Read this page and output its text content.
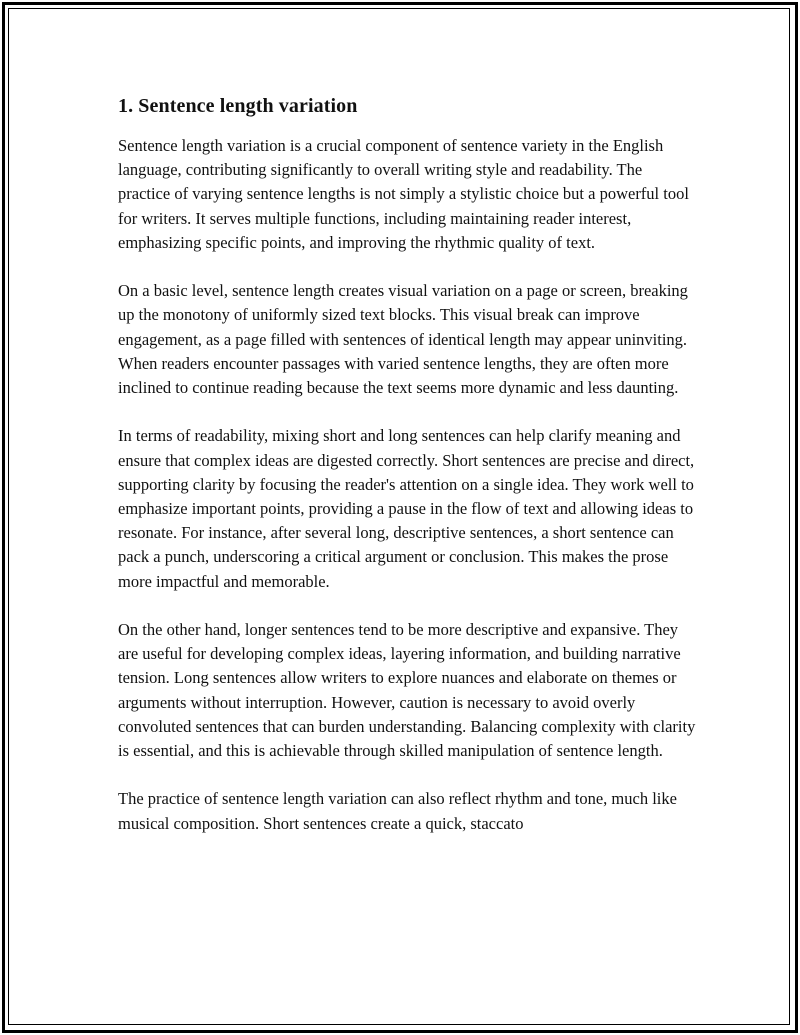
1. Sentence length variation

Sentence length variation is a crucial component of sentence variety in the English language, contributing significantly to overall writing style and readability. The practice of varying sentence lengths is not simply a stylistic choice but a powerful tool for writers. It serves multiple functions, including maintaining reader interest, emphasizing specific points, and improving the rhythmic quality of text.

On a basic level, sentence length creates visual variation on a page or screen, breaking up the monotony of uniformly sized text blocks. This visual break can improve engagement, as a page filled with sentences of identical length may appear uninviting. When readers encounter passages with varied sentence lengths, they are often more inclined to continue reading because the text seems more dynamic and less daunting.

In terms of readability, mixing short and long sentences can help clarify meaning and ensure that complex ideas are digested correctly. Short sentences are precise and direct, supporting clarity by focusing the reader's attention on a single idea. They work well to emphasize important points, providing a pause in the flow of text and allowing ideas to resonate. For instance, after several long, descriptive sentences, a short sentence can pack a punch, underscoring a critical argument or conclusion. This makes the prose more impactful and memorable.

On the other hand, longer sentences tend to be more descriptive and expansive. They are useful for developing complex ideas, layering information, and building narrative tension. Long sentences allow writers to explore nuances and elaborate on themes or arguments without interruption. However, caution is necessary to avoid overly convoluted sentences that can burden understanding. Balancing complexity with clarity is essential, and this is achievable through skilled manipulation of sentence length.

The practice of sentence length variation can also reflect rhythm and tone, much like musical composition. Short sentences create a quick, staccato
